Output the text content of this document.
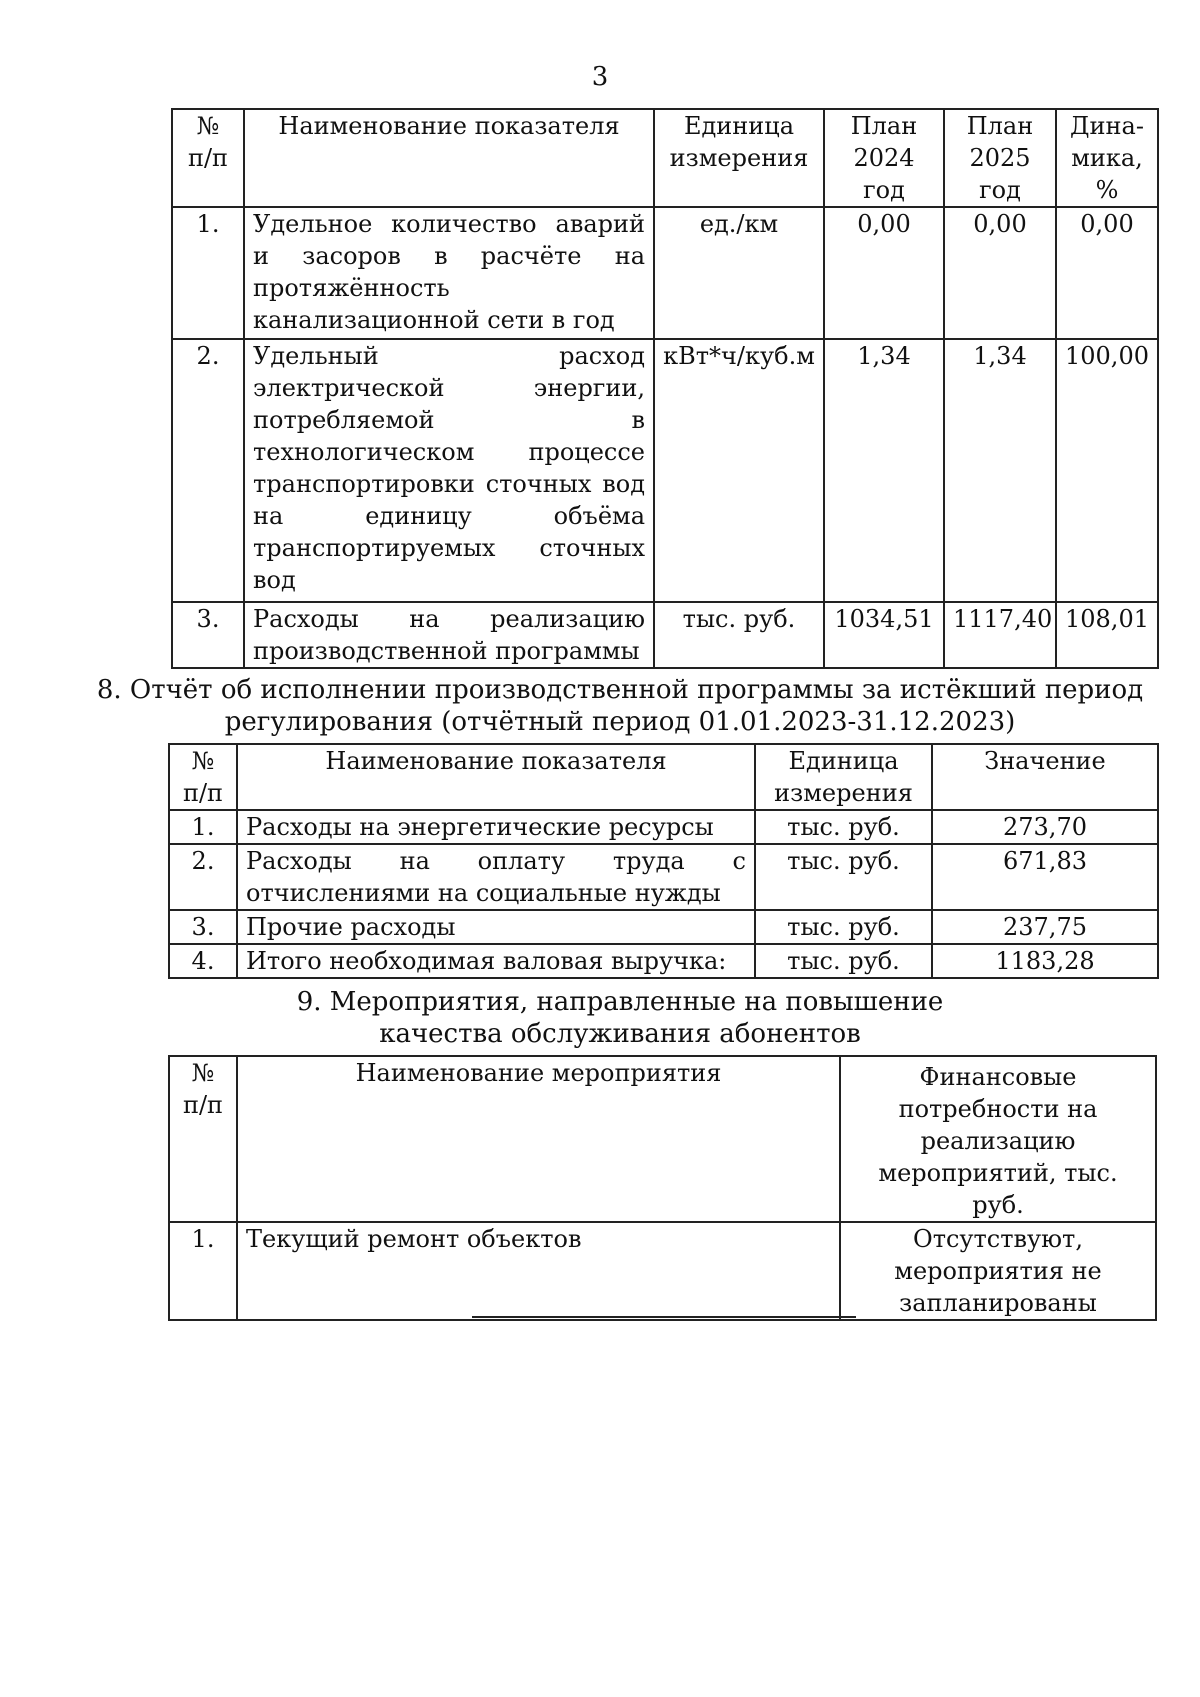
3
№ п/п	Наименование показателя	Единица измерения	План 2024 год	План 2025 год	Дина-мика, %
1.	Удельное количество аварий и засоров в расчёте на протяжённость канализационной сети в год	ед./км	0,00	0,00	0,00
2.	Удельный расход электрической энергии, потребляемой в технологическом процессе транспортировки сточных вод на единицу объёма транспортируемых сточных вод	кВт*ч/куб.м	1,34	1,34	100,00
3.	Расходы на реализацию производственной программы	тыс. руб.	1034,51	1117,40	108,01
8. Отчёт об исполнении производственной программы за истёкший период
регулирования (отчётный период 01.01.2023-31.12.2023)
№ п/п	Наименование показателя	Единица измерения	Значение
1.	Расходы на энергетические ресурсы	тыс. руб.	273,70
2.	Расходы на оплату труда с отчислениями на социальные нужды	тыс. руб.	671,83
3.	Прочие расходы	тыс. руб.	237,75
4.	Итого необходимая валовая выручка:	тыс. руб.	1183,28
9. Мероприятия, направленные на повышение
качества обслуживания абонентов
№ п/п	Наименование мероприятия	Финансовые потребности на реализацию мероприятий, тыс. руб.
1.	Текущий ремонт объектов	Отсутствуют, мероприятия не запланированы
